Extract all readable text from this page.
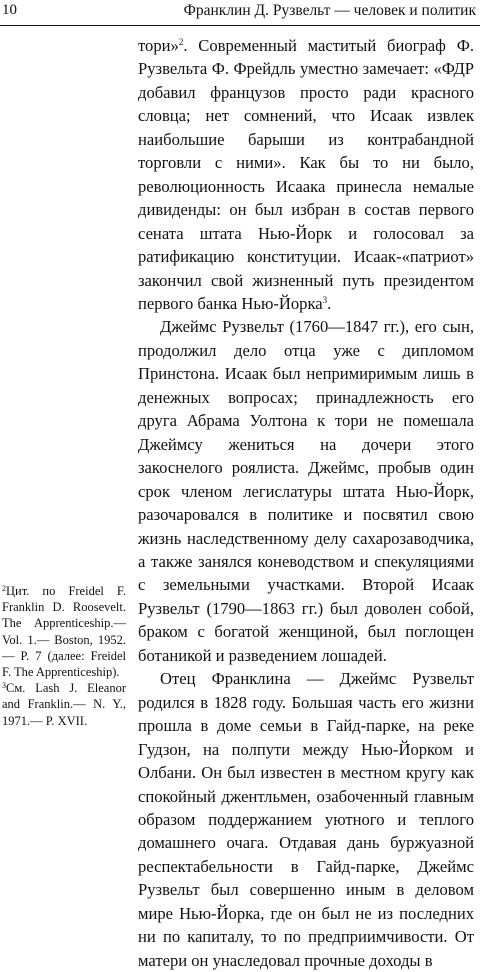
10	Франклин Д. Рузвельт — человек и политик

тори»$^2$. Современный маститый биограф Ф. Рузвельта Ф. Фрейдль уместно замечает: «ФДР добавил французов просто ради красного словца; нет сомнений, что Исаак извлек наибольшие барыши из контрабандной торговли с ними». Как бы то ни было, революционность Исаака принесла немалые дивиденды: он был избран в состав первого сената штата Нью-Йорк и голосовал за ратификацию конституции. Исаак-«патриот» закончил свой жизненный путь президентом первого банка Нью-Йорка$^3$.

Джеймс Рузвельт (1760—1847 гг.), его сын, продолжил дело отца уже с дипломом Принстона. Исаак был непримиримым лишь в денежных вопросах; принадлежность его друга Абрама Уолтона к тори не помешала Джеймсу жениться на дочери этого закоснелого роялиста. Джеймс, пробыв один срок членом легислатуры штата Нью-Йорк, разочаровался в политике и посвятил свою жизнь наследственному делу сахарозаводчика, а также занялся коневодством и спекуляциями с земельными участками. Второй Исаак Рузвельт (1790—1863 гг.) был доволен собой, браком с богатой женщиной, был поглощен ботаникой и разведением лошадей.

Отец Франклина — Джеймс Рузвельт родился в 1828 году. Большая часть его жизни прошла в доме семьи в Гайд-парке, на реке Гудзон, на полпути между Нью-Йорком и Олбани. Он был известен в местном кругу как спокойный джентльмен, озабоченный главным образом поддержанием уютного и теплого домашнего очага. Отдавая дань буржуазной респектабельности в Гайд-парке, Джеймс Рузвельт был совершенно иным в деловом мире Нью-Йорка, где он был не из последних ни по капиталу, то по предприимчивости. От матери он унаследовал прочные доходы в

$^2$Цит. по Freidel F. Franklin D. Roosevelt. The Apprenticeship.— Vol. 1.— Boston, 1952.— P. 7 (далее: Freidel F. The Apprenticeship).

$^3$См. Lash J. Eleanor and Franklin.— N. Y., 1971.— P. XVII.
